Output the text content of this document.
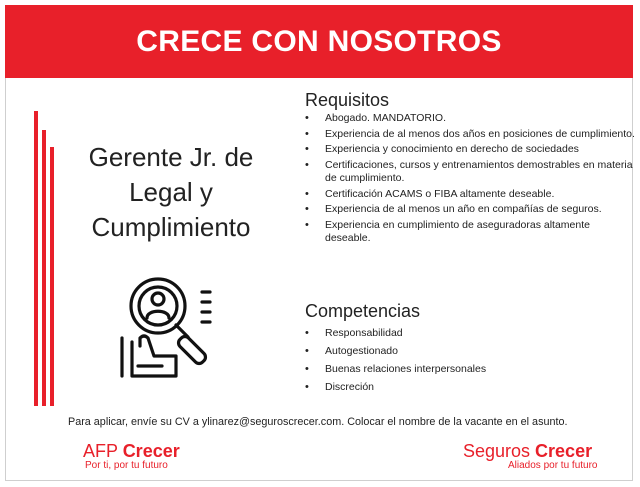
CRECE CON NOSOTROS
Gerente Jr. de Legal y Cumplimiento
Requisitos
• Abogado. MANDATORIO.
• Experiencia de al menos dos años en posiciones de cumplimiento.
• Experiencia y conocimiento en derecho de sociedades
• Certificaciones, cursos y entrenamientos demostrables en materia de cumplimiento.
• Certificación ACAMS o FIBA altamente deseable.
• Experiencia de al menos un año en compañías de seguros.
• Experiencia en cumplimiento de aseguradoras altamente deseable.
Competencias
• Responsabilidad
• Autogestionado
• Buenas relaciones interpersonales
• Discreción
Para aplicar, envíe su CV a ylinarez@seguroscrecer.com. Colocar el nombre de la vacante en el asunto.
AFP Crecer
Por ti, por tu futuro
Seguros Crecer
Aliados por tu futuro
